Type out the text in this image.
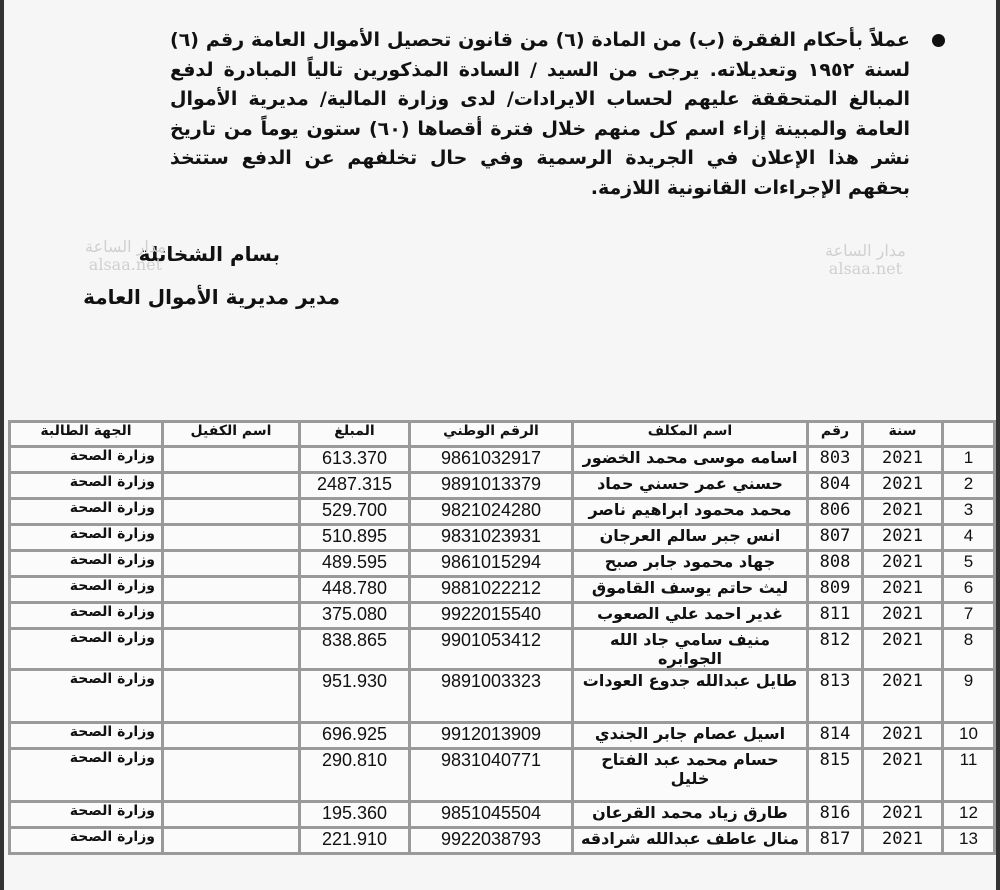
عملاً بأحكام الفقرة (ب) من المادة (٦) من قانون تحصيل الأموال العامة رقم (٦) لسنة ١٩٥٢ وتعديلاته. يرجى من السيد / السادة المذكورين تالياً المبادرة لدفع المبالغ المتحققة عليهم لحساب الايرادات/ لدى وزارة المالية/ مديرية الأموال العامة والمبينة إزاء اسم كل منهم خلال فترة أقصاها (٦٠) ستون يوماً من تاريخ نشر هذا الإعلان في الجريدة الرسمية وفي حال تخلفهم عن الدفع ستتخذ بحقهم الإجراءات القانونية اللازمة.
بسام الشخاتلة
مدير مديرية الأموال العامة
مدار الساعة
alsaa.net
مدار الساعة
alsaa.net
	سنة	رقم	اسم المكلف	الرقم الوطني	المبلغ	اسم الكفيل	الجهة الطالبة
1	2021	803	اسامه موسى محمد الخضور	9861032917	613.370		وزارة الصحة
2	2021	804	حسني عمر حسني حماد	9891013379	2487.315		وزارة الصحة
3	2021	806	محمد محمود ابراهيم ناصر	9821024280	529.700		وزارة الصحة
4	2021	807	انس جبر سالم العرجان	9831023931	510.895		وزارة الصحة
5	2021	808	جهاد محمود جابر صبح	9861015294	489.595		وزارة الصحة
6	2021	809	ليث حاتم يوسف القاموق	9881022212	448.780		وزارة الصحة
7	2021	811	غدير احمد علي الصعوب	9922015540	375.080		وزارة الصحة
8	2021	812	منيف سامي جاد الله الجوابره	9901053412	838.865		وزارة الصحة
9	2021	813	طايل عبدالله جدوع العودات	9891003323	951.930		وزارة الصحة
10	2021	814	اسيل عصام جابر الجندي	9912013909	696.925		وزارة الصحة
11	2021	815	حسام محمد عبد الفتاح خليل	9831040771	290.810		وزارة الصحة
12	2021	816	طارق زياد محمد القرعان	9851045504	195.360		وزارة الصحة
13	2021	817	منال عاطف عبدالله شرادقه	9922038793	221.910		وزارة الصحة
